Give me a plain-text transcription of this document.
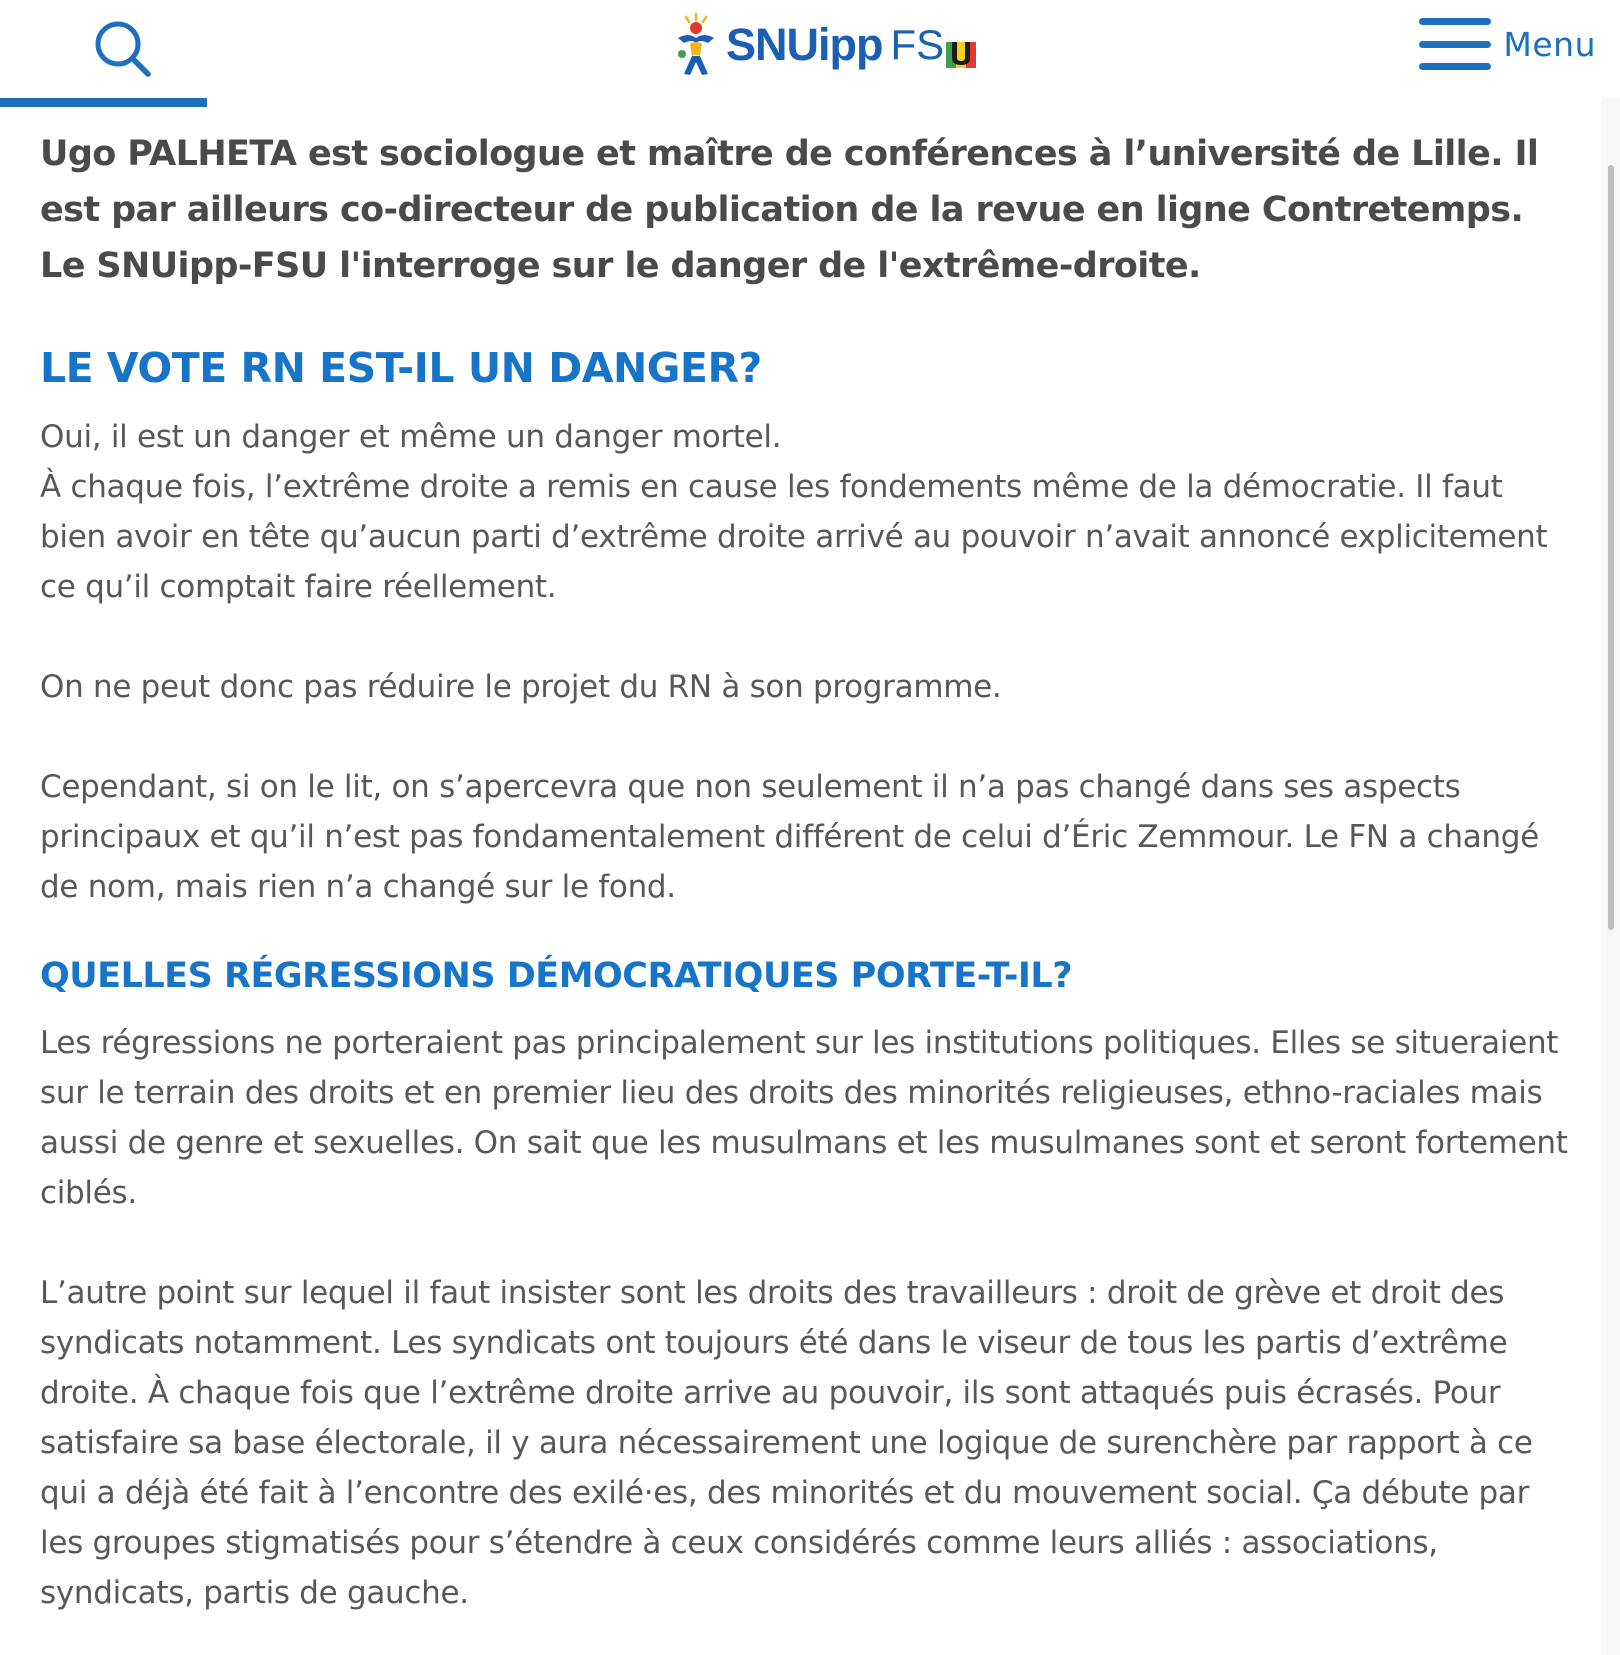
SNUipp FS	Menu

Ugo PALHETA est sociologue et maître de conférences à l’université de Lille. Il est par ailleurs co-directeur de publication de la revue en ligne Contretemps. Le SNUipp-FSU l'interroge sur le danger de l'extrême-droite.

LE VOTE RN EST-IL UN DANGER?

Oui, il est un danger et même un danger mortel.

À chaque fois, l’extrême droite a remis en cause les fondements même de la démocratie. Il faut bien avoir en tête qu’aucun parti d’extrême droite arrivé au pouvoir n’avait annoncé explicitement ce qu’il comptait faire réellement.

On ne peut donc pas réduire le projet du RN à son programme.

Cependant, si on le lit, on s’apercevra que non seulement il n’a pas changé dans ses aspects principaux et qu’il n’est pas fondamentalement différent de celui d’Éric Zemmour. Le FN a changé de nom, mais rien n’a changé sur le fond.

QUELLES RÉGRESSIONS DÉMOCRATIQUES PORTE-T-IL?

Les régressions ne porteraient pas principalement sur les institutions politiques. Elles se situeraient sur le terrain des droits et en premier lieu des droits des minorités religieuses, ethno-raciales mais aussi de genre et sexuelles. On sait que les musulmans et les musulmanes sont et seront fortement ciblés.

L’autre point sur lequel il faut insister sont les droits des travailleurs : droit de grève et droit des syndicats notamment. Les syndicats ont toujours été dans le viseur de tous les partis d’extrême droite. À chaque fois que l’extrême droite arrive au pouvoir, ils sont attaqués puis écrasés. Pour satisfaire sa base électorale, il y aura nécessairement une logique de surenchère par rapport à ce qui a déjà été fait à l’encontre des exilé·es, des minorités et du mouvement social. Ça débute par les groupes stigmatisés pour s’étendre à ceux considérés comme leurs alliés : associations, syndicats, partis de gauche.
